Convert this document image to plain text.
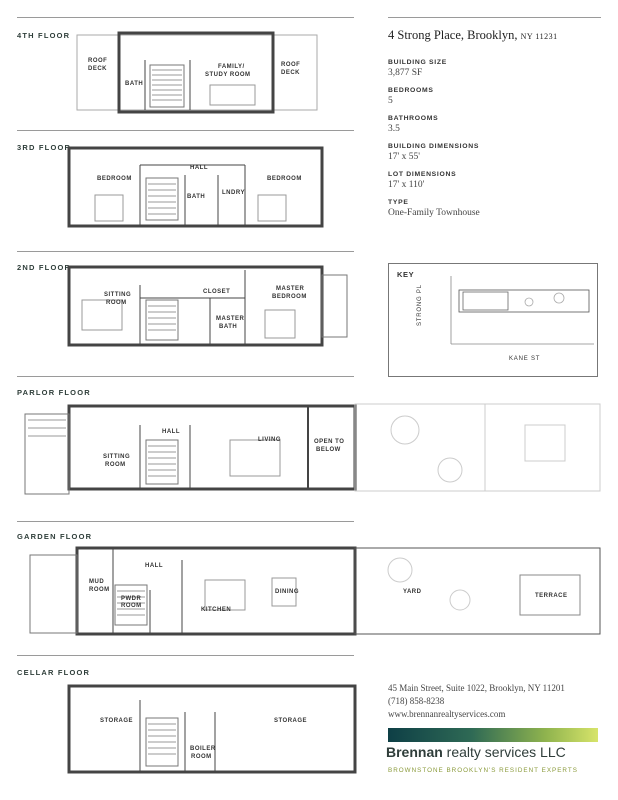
4TH FLOOR
3RD FLOOR
2ND FLOOR
PARLOR FLOOR
GARDEN FLOOR
CELLAR FLOOR
ROOF
DECK
BATH
FAMILY/
STUDY ROOM
ROOF
DECK
HALL
BEDROOM
BATH
LNDRY
BEDROOM
SITTING
ROOM
CLOSET
MASTER
BATH
MASTER
BEDROOM
HALL
SITTING
ROOM
LIVING	OPEN TO
BELOW
HALL
MUD
ROOM
PWDR
ROOM
KITCHEN
DINING	YARD
TERRACE
STORAGE
BOILER
ROOM
STORAGE
4 Strong Place, Brooklyn, NY 11231
BUILDING SIZE
3,877 SF
BEDROOMS
5
BATHROOMS
3.5
BUILDING DIMENSIONS
17' x 55'
LOT DIMENSIONS
17' x 110'
TYPE
One-Family Townhouse
KEY
STRONG PL
KANE ST
45 Main Street, Suite 1022, Brooklyn, NY 11201
(718) 858-8238
www.brennanrealtyservices.com
Brennan realty services LLC
BROWNSTONE BROOKLYN'S RESIDENT EXPERTS
